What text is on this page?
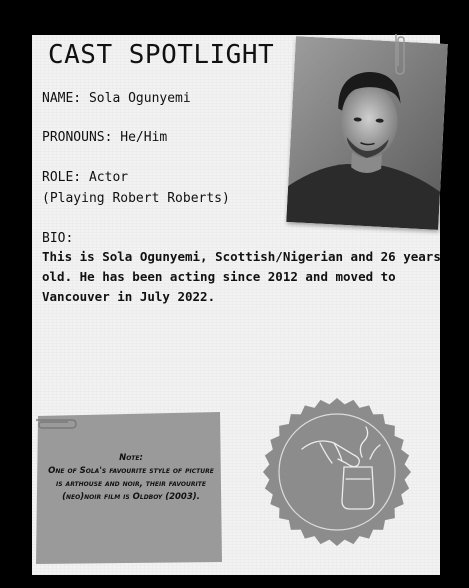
CAST SPOTLIGHT
NAME: Sola Ogunyemi
PRONOUNS: He/Him
ROLE: Actor
(Playing Robert Roberts)
BIO:
This is Sola Ogunyemi, Scottish/Nigerian and 26 years old. He has been acting since 2012 and moved to Vancouver in July 2022.
Note:
One of Sola's favourite style of picture is arthouse and noir, their favourite (neo)noir film is Oldboy (2003).
